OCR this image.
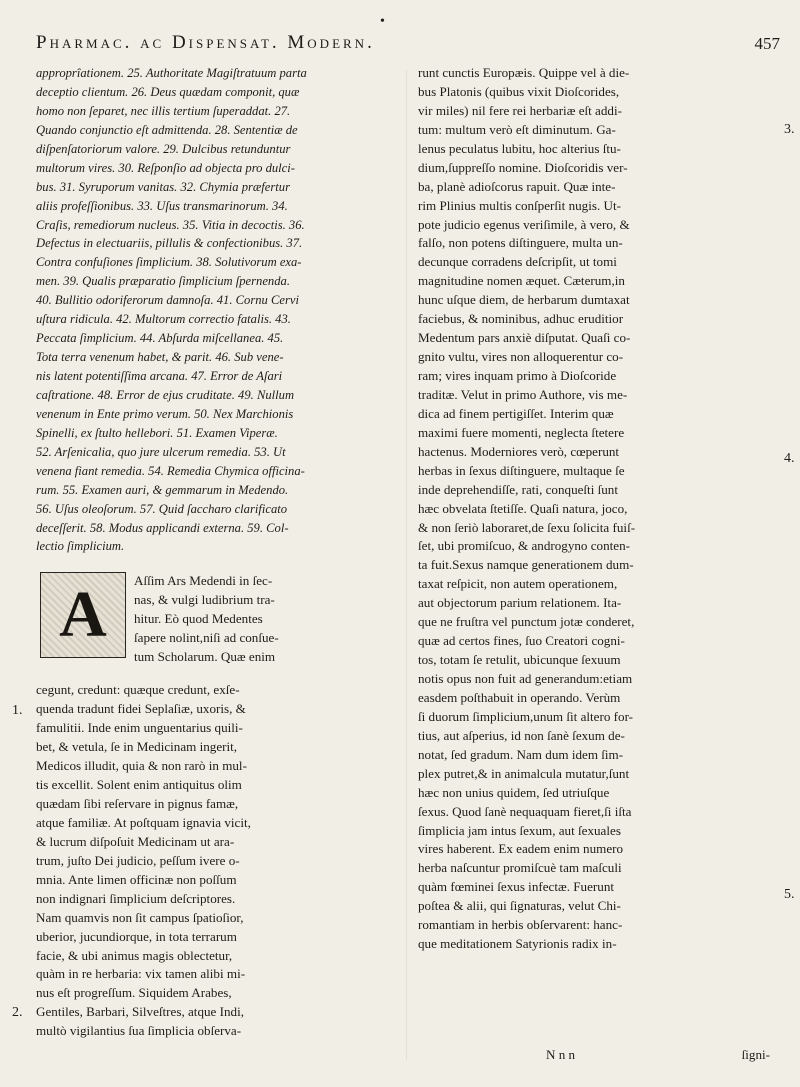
•
Pharmac. ac Dispensat. Modern.	457
approprîationem. 25. Authoritate Magiſtratuum parta
deceptio clientum. 26. Deus quædam componit, quæ
homo non ſeparet, nec illis tertium ſuperaddat. 27.
Quando conjunctio eſt admittenda. 28. Sententiæ de
diſpenſatoriorum valore. 29. Dulcibus retunduntur
multorum vires. 30. Reſponſio ad objecta pro dulci-
bus. 31. Syruporum vanitas. 32. Chymia præfertur
aliis profeſſionibus. 33. Uſus transmarinorum. 34.
Craſis, remediorum nucleus. 35. Vitia in decoctis. 36.
Defectus in electuariis, pillulis & confectionibus. 37.
Contra confuſiones ſimplicium. 38. Solutivorum exa-
men. 39. Qualis præparatio ſimplicium ſpernenda.
40. Bullitio odoriferorum damnoſa. 41. Cornu Cervi
uſtura ridicula. 42. Multorum correctio fatalis. 43.
Peccata ſimplicium. 44. Abſurda miſcellanea. 45.
Tota terra venenum habet, & parit. 46. Sub vene-
nis latent potentiſſima arcana. 47. Error de Aſari
caſtratione. 48. Error de ejus cruditate. 49. Nullum
venenum in Ente primo verum. 50. Nex Marchionis
Spinelli, ex ſtulto hellebori. 51. Examen Viperæ.
52. Arſenicalia, quo jure ulcerum remedia. 53. Ut
venena fiant remedia. 54. Remedia Chymica officina-
rum. 55. Examen auri, & gemmarum in Medendo.
56. Uſus oleoſorum. 57. Quid ſaccharo clarificato
deceſſerit. 58. Modus applicandi externa. 59. Col-
lectio ſimplicium.
A	Aſſim Ars Medendi in ſec-
nas, & vulgi ludibrium tra-
hitur. Eò quod Medentes
ſapere nolint,niſi ad conſue-
tum Scholarum. Quæ enim
cegunt, credunt: quæque credunt, exſe-
quenda tradunt fidei Seplaſiæ, uxoris, &
famulitii. Inde enim unguentarius quili-
bet, & vetula, ſe in Medicinam ingerit,
Medicos illudit, quia & non rarò in mul-
tis excellit. Solent enim antiquitus olim
quædam ſibi reſervare in pignus famæ,
atque familiæ. At poſtquam ignavia vicit,
& lucrum diſpoſuit Medicinam ut ara-
trum, juſto Dei judicio, peſſum ivere o-
mnia. Ante limen officinæ non poſſum
non indignari ſimplicium deſcriptores.
Nam quamvis non ſit campus ſpatioſior,
uberior, jucundiorque, in tota terrarum
facie, & ubi animus magis oblectetur,
quàm in re herbaria: vix tamen alibi mi-
nus eſt progreſſum. Siquidem Arabes,
Gentiles, Barbari, Silveſtres, atque Indi,
multò vigilantius ſua ſimplicia obſerva-
1.
2.
runt cunctis Europæis. Quippe vel à die-
bus Platonis (quibus vixit Dioſcorides,
vir miles) nil fere rei herbariæ eſt addi-
tum: multum verò eſt diminutum. Ga-
lenus peculatus lubitu, hoc alterius ſtu-
dium,ſuppreſſo nomine. Dioſcoridis ver-
ba, planè adioſcorus rapuit. Quæ inte-
rim Plinius multis conſperſit nugis. Ut-
pote judicio egenus veriſimile, à vero, &
falſo, non potens diſtinguere, multa un-
decunque corradens deſcripſit, ut tomi
magnitudine nomen æquet. Cæterum,in
hunc uſque diem, de herbarum dumtaxat
faciebus, & nominibus, adhuc eruditior
Medentum pars anxiè diſputat. Quaſi co-
gnito vultu, vires non alloquerentur co-
ram; vires inquam primo à Dioſcoride
traditæ. Velut in primo Authore, vis me-
dica ad finem pertigiſſet. Interim quæ
maximi fuere momenti, neglecta ſtetere
hactenus. Moderniores verò, cœperunt
herbas in ſexus diſtinguere, multaque ſe
inde deprehendiſſe, rati, conqueſti ſunt
hæc obvelata ſtetiſſe. Quaſi natura, joco,
& non ſeriò laboraret,de ſexu ſolicita fuiſ-
ſet, ubi promiſcuo, & androgyno conten-
ta fuit.Sexus namque generationem dum-
taxat reſpicit, non autem operationem,
aut objectorum parium relationem. Ita-
que ne fruſtra vel punctum jotæ conderet,
quæ ad certos fines, ſuo Creatori cogni-
tos, totam ſe retulit, ubicunque ſexuum
notis opus non fuit ad generandum:etiam
easdem poſthabuit in operando. Verùm
ſi duorum ſimplicium,unum ſit altero for-
tius, aut aſperius, id non ſanè ſexum de-
notat, ſed gradum. Nam dum idem ſim-
plex putret,& in animalcula mutatur,ſunt
hæc non unius quidem, ſed utriuſque
ſexus. Quod ſanè nequaquam fieret,ſi iſta
ſimplicia jam intus ſexum, aut ſexuales
vires haberent. Ex eadem enim numero
herba naſcuntur promiſcuè tam maſculi
quàm fœminei ſexus infectæ. Fuerunt
poſtea & alii, qui ſignaturas, velut Chi-
romantiam in herbis obſervarent: hanc-
que meditationem Satyrionis radix in-
3.
4.
5.
N n n	ſigni-
